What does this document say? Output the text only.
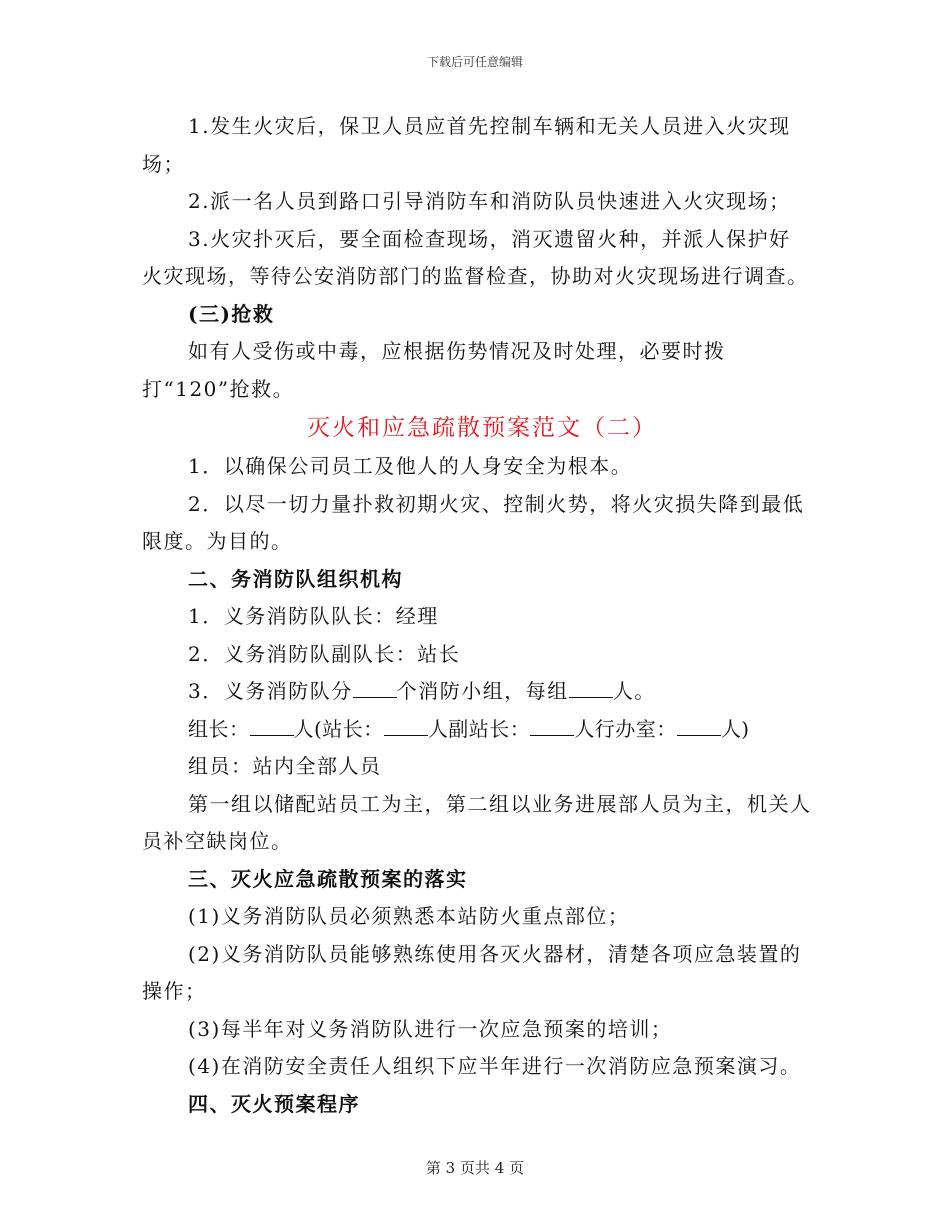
下载后可任意编辑

1.发生火灾后，保卫人员应首先控制车辆和无关人员进入火灾现场；

2.派一名人员到路口引导消防车和消防队员快速进入火灾现场；

3.火灾扑灭后，要全面检查现场，消灭遗留火种，并派人保护好火灾现场，等待公安消防部门的监督检查，协助对火灾现场进行调查。

(三)抢救

如有人受伤或中毒，应根据伤势情况及时处理，必要时拨打“120”抢救。

灭火和应急疏散预案范文（二）

1．以确保公司员工及他人的人身安全为根本。

2．以尽一切力量扑救初期火灾、控制火势，将火灾损失降到最低限度。为目的。

二、务消防队组织机构

1．义务消防队队长：经理

2．义务消防队副队长：站长

3．义务消防队分 个消防小组，每组 人。

组长： 人(站长： 人副站长： 人行办室： 人)

组员：站内全部人员

第一组以储配站员工为主，第二组以业务进展部人员为主，机关人员补空缺岗位。

三、灭火应急疏散预案的落实

(1)义务消防队员必须熟悉本站防火重点部位；

(2)义务消防队员能够熟练使用各灭火器材，清楚各项应急装置的操作；

(3)每半年对义务消防队进行一次应急预案的培训；

(4)在消防安全责任人组织下应半年进行一次消防应急预案演习。

四、灭火预案程序

第 3 页共 4 页
